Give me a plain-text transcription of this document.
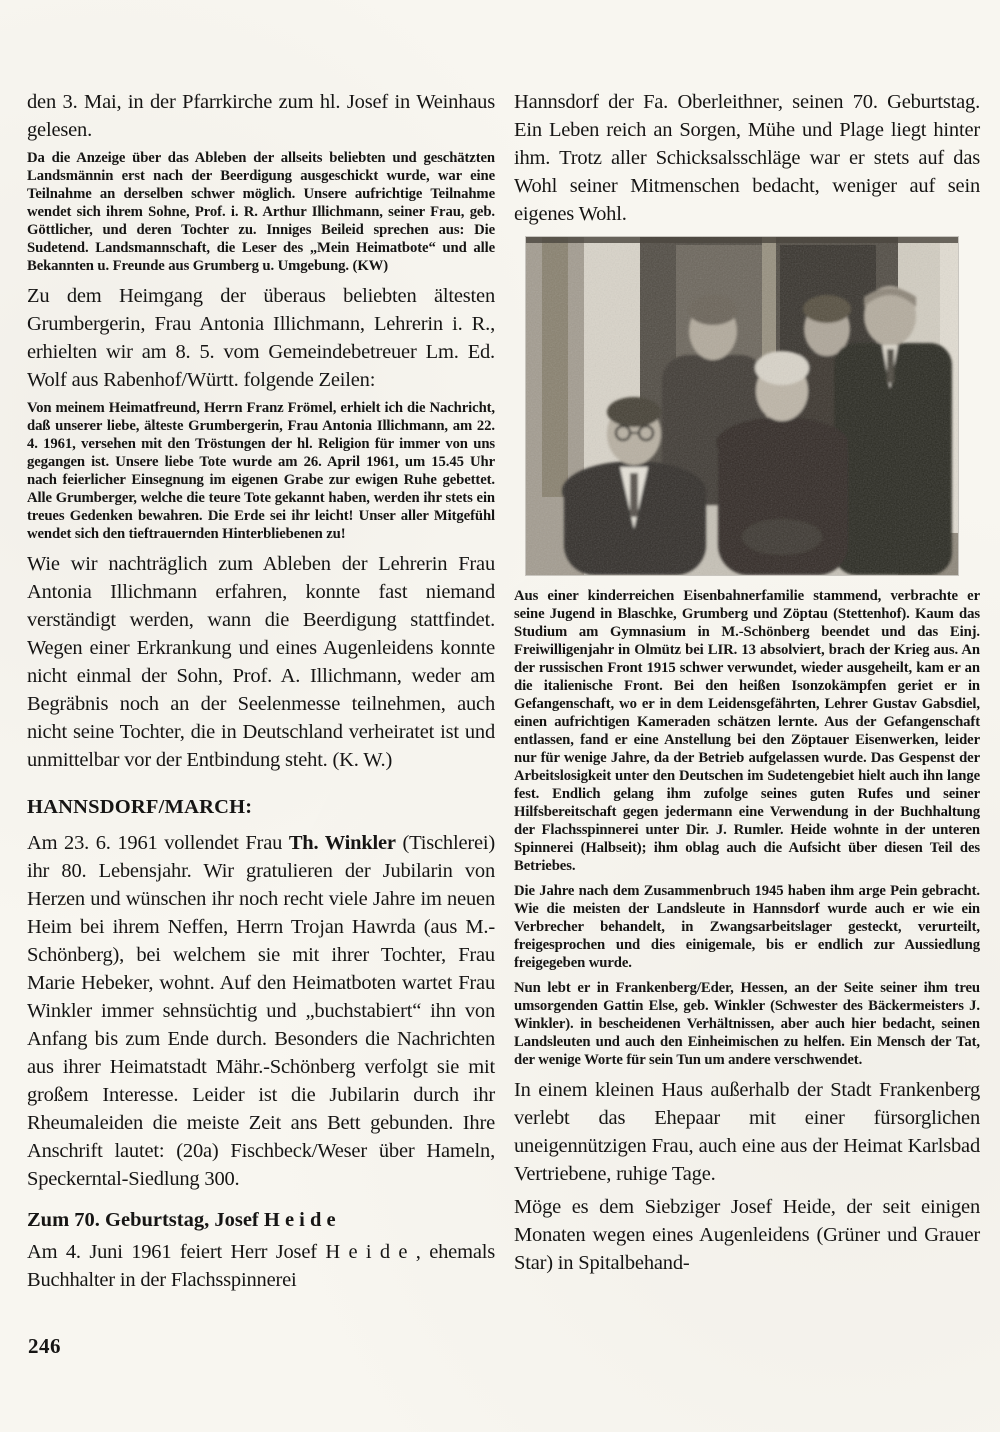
den 3. Mai, in der Pfarrkirche zum hl. Josef in Weinhaus gelesen.

Da die Anzeige über das Ableben der allseits beliebten und geschätzten Landsmännin erst nach der Beerdigung ausgeschickt wurde, war eine Teilnahme an derselben schwer möglich. Unsere aufrichtige Teilnahme wendet sich ihrem Sohne, Prof. i. R. Arthur Illichmann, seiner Frau, geb. Göttlicher, und deren Tochter zu. Inniges Beileid sprechen aus: Die Sudetend. Landsmannschaft, die Leser des „Mein Heimatbote“ und alle Bekannten u. Freunde aus Grumberg u. Umgebung. (KW)

Zu dem Heimgang der überaus beliebten ältesten Grumbergerin, Frau Antonia Illichmann, Lehrerin i. R., erhielten wir am 8. 5. vom Gemeindebetreuer Lm. Ed. Wolf aus Rabenhof/Württ. folgende Zeilen:

Von meinem Heimatfreund, Herrn Franz Frömel, erhielt ich die Nachricht, daß unserer liebe, älteste Grumbergerin, Frau Antonia Illichmann, am 22. 4. 1961, versehen mit den Tröstungen der hl. Religion für immer von uns gegangen ist. Unsere liebe Tote wurde am 26. April 1961, um 15.45 Uhr nach feierlicher Einsegnung im eigenen Grabe zur ewigen Ruhe gebettet. Alle Grumberger, welche die teure Tote gekannt haben, werden ihr stets ein treues Gedenken bewahren. Die Erde sei ihr leicht! Unser aller Mitgefühl wendet sich den tieftrauernden Hinterbliebenen zu!

Wie wir nachträglich zum Ableben der Lehrerin Frau Antonia Illichmann erfahren, konnte fast niemand verständigt werden, wann die Beerdigung stattfindet. Wegen einer Erkrankung und eines Augenleidens konnte nicht einmal der Sohn, Prof. A. Illichmann, weder am Begräbnis noch an der Seelenmesse teilnehmen, auch nicht seine Tochter, die in Deutschland verheiratet ist und unmittelbar vor der Entbindung steht. (K. W.)

HANNSDORF/MARCH:

Am 23. 6. 1961 vollendet Frau Th. Winkler (Tischlerei) ihr 80. Lebensjahr. Wir gratulieren der Jubilarin von Herzen und wünschen ihr noch recht viele Jahre im neuen Heim bei ihrem Neffen, Herrn Trojan Hawrda (aus M.-Schönberg), bei welchem sie mit ihrer Tochter, Frau Marie Hebeker, wohnt. Auf den Heimatboten wartet Frau Winkler immer sehnsüchtig und „buchstabiert“ ihn von Anfang bis zum Ende durch. Besonders die Nachrichten aus ihrer Heimatstadt Mähr.-Schönberg verfolgt sie mit großem Interesse. Leider ist die Jubilarin durch ihr Rheumaleiden die meiste Zeit ans Bett gebunden. Ihre Anschrift lautet: (20a) Fischbeck/Weser über Hameln, Speckerntal-Siedlung 300.

Zum 70. Geburtstag, Josef H e i d e

Am 4. Juni 1961 feiert Herr Josef H e i d e , ehemals Buchhalter in der Flachsspinnerei

Hannsdorf der Fa. Oberleithner, seinen 70. Geburtstag. Ein Leben reich an Sorgen, Mühe und Plage liegt hinter ihm. Trotz aller Schicksalsschläge war er stets auf das Wohl seiner Mitmenschen bedacht, weniger auf sein eigenes Wohl.

Aus einer kinderreichen Eisenbahnerfamilie stammend, verbrachte er seine Jugend in Blaschke, Grumberg und Zöptau (Stettenhof). Kaum das Studium am Gymnasium in M.-Schönberg beendet und das Einj. Freiwilligenjahr in Olmütz bei LIR. 13 absolviert, brach der Krieg aus. An der russischen Front 1915 schwer verwundet, wieder ausgeheilt, kam er an die italienische Front. Bei den heißen Isonzokämpfen geriet er in Gefangenschaft, wo er in dem Leidensgefährten, Lehrer Gustav Gabsdiel, einen aufrichtigen Kameraden schätzen lernte. Aus der Gefangenschaft entlassen, fand er eine Anstellung bei den Zöptauer Eisenwerken, leider nur für wenige Jahre, da der Betrieb aufgelassen wurde. Das Gespenst der Arbeitslosigkeit unter den Deutschen im Sudetengebiet hielt auch ihn lange fest. Endlich gelang ihm zufolge seines guten Rufes und seiner Hilfsbereitschaft gegen jedermann eine Verwendung in der Buchhaltung der Flachsspinnerei unter Dir. J. Rumler. Heide wohnte in der unteren Spinnerei (Halbseit); ihm oblag auch die Aufsicht über diesen Teil des Betriebes.

Die Jahre nach dem Zusammenbruch 1945 haben ihm arge Pein gebracht. Wie die meisten der Landsleute in Hannsdorf wurde auch er wie ein Verbrecher behandelt, in Zwangsarbeitslager gesteckt, verurteilt, freigesprochen und dies einigemale, bis er endlich zur Aussiedlung freigegeben wurde.

Nun lebt er in Frankenberg/Eder, Hessen, an der Seite seiner ihm treu umsorgenden Gattin Else, geb. Winkler (Schwester des Bäckermeisters J. Winkler). in bescheidenen Verhältnissen, aber auch hier bedacht, seinen Landsleuten und auch den Einheimischen zu helfen. Ein Mensch der Tat, der wenige Worte für sein Tun um andere verschwendet.

In einem kleinen Haus außerhalb der Stadt Frankenberg verlebt das Ehepaar mit einer fürsorglichen uneigennützigen Frau, auch eine aus der Heimat Karlsbad Vertriebene, ruhige Tage.

Möge es dem Siebziger Josef Heide, der seit einigen Monaten wegen eines Augenleidens (Grüner und Grauer Star) in Spitalbehand-

246
